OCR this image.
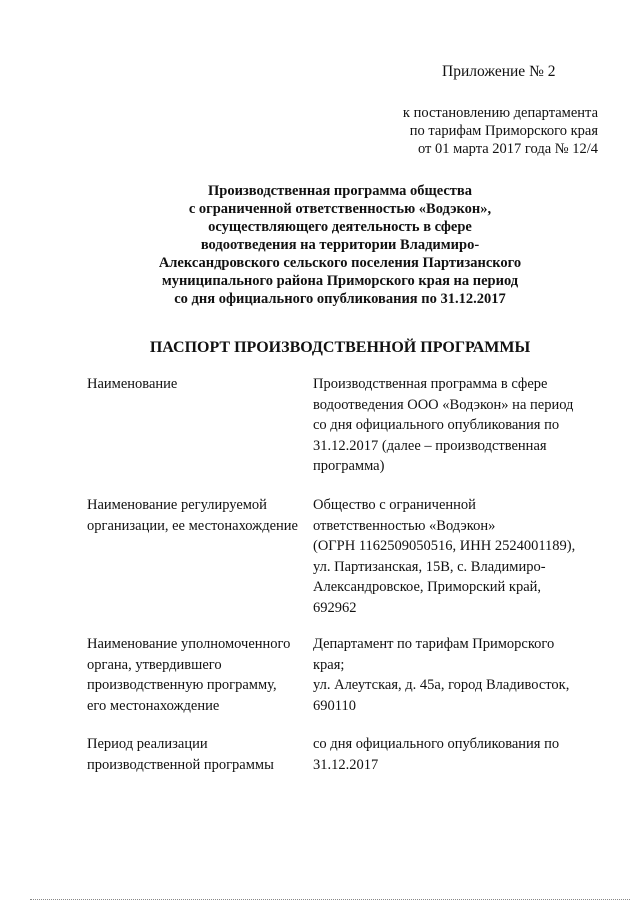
Приложение № 2
к постановлению департамента
по тарифам Приморского края
от 01 марта 2017 года № 12/4
Производственная программа общества
с ограниченной ответственностью «Водэкон»,
осуществляющего деятельность в сфере
водоотведения на территории Владимиро-
Александровского сельского поселения Партизанского
муниципального района Приморского края на период
со дня официального опубликования по 31.12.2017
ПАСПОРТ ПРОИЗВОДСТВЕННОЙ ПРОГРАММЫ
Наименование	Производственная программа в сфере
водоотведения ООО «Водэкон» на период
со дня официального опубликования по
31.12.2017 (далее – производственная
программа)
Наименование регулируемой
организации, ее местонахождение
Общество с ограниченной
ответственностью «Водэкон»
(ОГРН 1162509050516, ИНН 2524001189),
ул. Партизанская, 15В, с. Владимиро-
Александровское, Приморский край,
692962
Наименование уполномоченного
органа, утвердившего
производственную программу,
его местонахождение
Департамент по тарифам Приморского
края;
ул. Алеутская, д. 45а, город Владивосток,
690110
Период реализации
производственной программы
со дня официального опубликования по
31.12.2017
